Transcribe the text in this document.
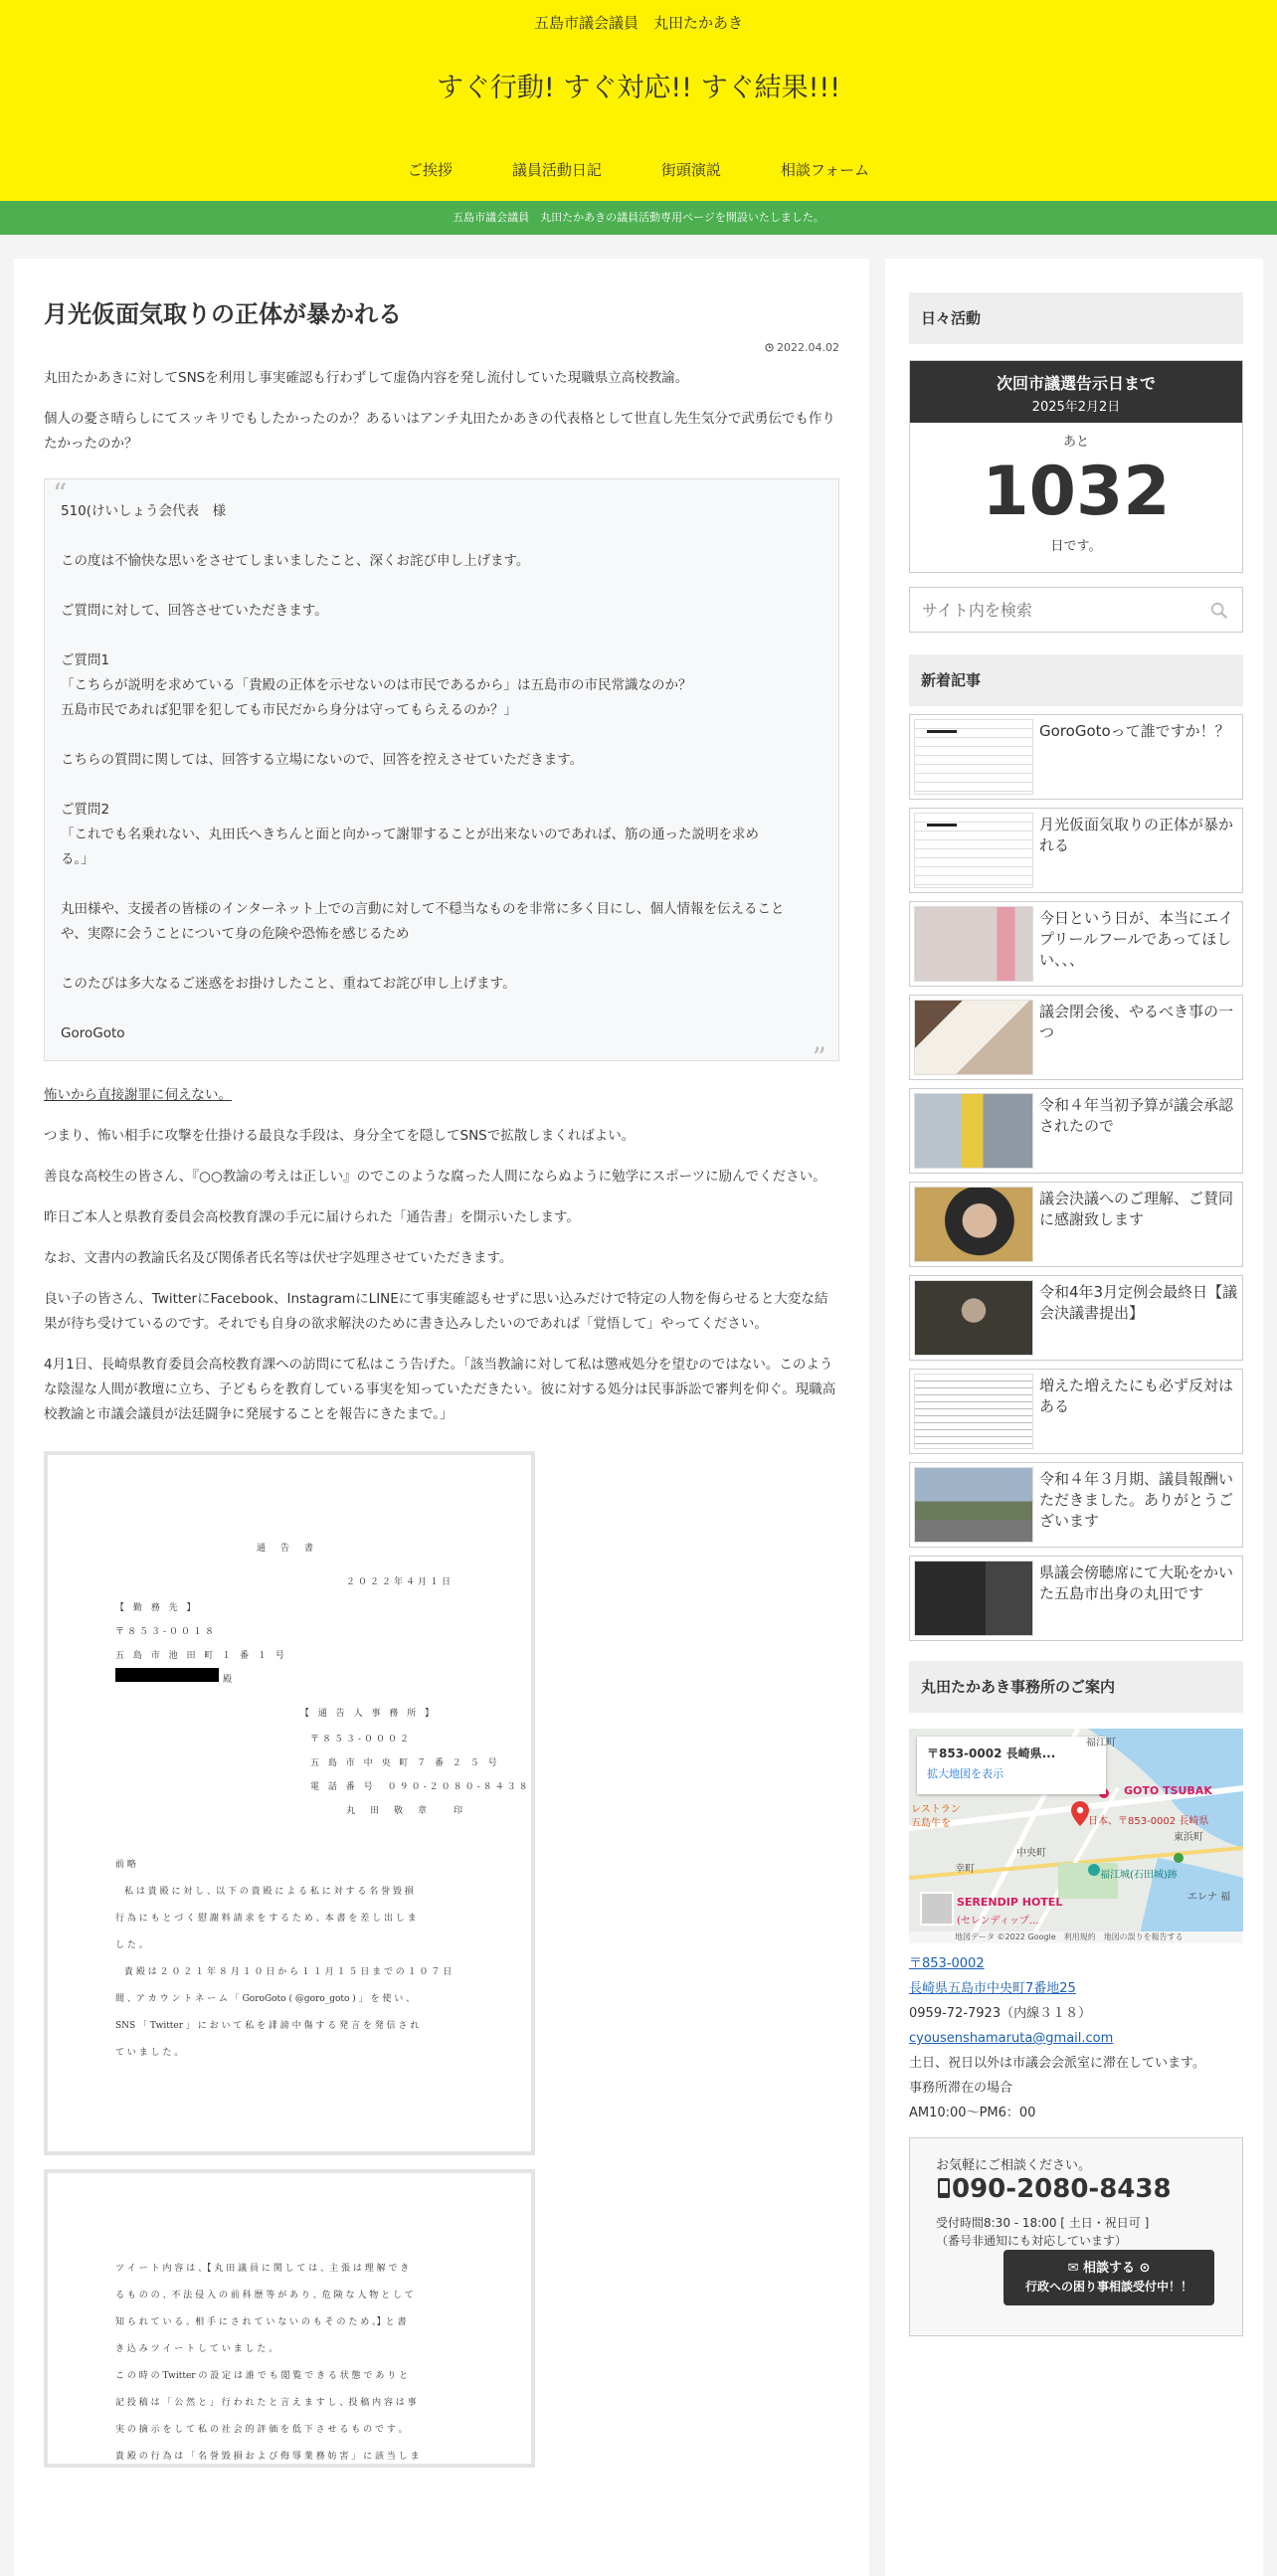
五島市議会議員　丸田たかあき
すぐ行動! すぐ対応!! すぐ結果!!!
ご挨拶	議員活動日記	街頭演説	相談フォーム
五島市議会議員　丸田たかあきの議員活動専用ページを開設いたしました。
月光仮面気取りの正体が暴かれる
2022.04.02

丸田たかあきに対してSNSを利用し事実確認も行わずして虚偽内容を発し流付していた現職県立高校教諭。

個人の憂さ晴らしにてスッキリでもしたかったのか？あるいはアンチ丸田たかあきの代表格として世直し先生気分で武勇伝でも作りたかったのか？

“
”
510(けいしょう会代表　様
この度は不愉快な思いをさせてしまいましたこと、深くお詫び申し上げます。
ご質問に対して、回答させていただきます。
ご質問1
「こちらが説明を求めている「貴殿の正体を示せないのは市民であるから」は五島市の市民常識なのか？
五島市民であれば犯罪を犯しても市民だから身分は守ってもらえるのか？」
こちらの質問に関しては、回答する立場にないので、回答を控えさせていただきます。
ご質問2
「これでも名乗れない、丸田氏へきちんと面と向かって謝罪することが出来ないのであれば、筋の通った説明を求め
る。」
丸田様や、支援者の皆様のインターネット上での言動に対して不穏当なものを非常に多く目にし、個人情報を伝えること
や、実際に会うことについて身の危険や恐怖を感じるため
このたびは多大なるご迷惑をお掛けしたこと、重ねてお詫び申し上げます。
GoroGoto

怖いから直接謝罪に伺えない。

つまり、怖い相手に攻撃を仕掛ける最良な手段は、身分全てを隠してSNSで拡散しまくればよい。

善良な高校生の皆さん、『○○教諭の考えは正しい』のでこのような腐った人間にならぬように勉学にスポーツに励んでください。

昨日ご本人と県教育委員会高校教育課の手元に届けられた「通告書」を開示いたします。

なお、文書内の教諭氏名及び関係者氏名等は伏せ字処理させていただきます。

良い子の皆さん、TwitterにFacebook、InstagramにLINEにて事実確認もせずに思い込みだけで特定の人物を侮らせると大変な結果が待ち受けているのです。それでも自身の欲求解決のために書き込みしたいのであれば「覚悟して」やってください。

4月1日、長崎県教育委員会高校教育課への訪問にて私はこう告げた。「該当教諭に対して私は懲戒処分を望むのではない。このような陰湿な人間が教壇に立ち、子どもらを教育している事実を知っていただきたい。彼に対する処分は民事訴訟で審判を仰ぐ。現職高校教諭と市議会議員が法廷闘争に発展することを報告にきたまで。」

通　告　書
２０２２年４月１日
【 勤 務 先 】
〒８５３-００１８
五 島 市 池 田 町 １ 番 １ 号
殿
【 通 告 人 事 務 所 】
〒８５３-０００２
五 島 市 中 央 町 ７ 番 ２ ５ 号
電 話 番 号　０９０-２０８０-８４３８
丸　田　敬　章　　印
前 略
　私 は 貴 殿 に 対 し 、以 下 の 貴 殿 に よ る 私 に 対 す る 名 誉 毀 損
行 為 に も と づ く 慰 謝 料 請 求 を す る た め 、本 書 を 差 し 出 し ま
し た 。
　貴 殿 は ２ ０ ２ １ 年 ８ 月 １ ０ 日 か ら １ １ 月 １ ５ 日 ま で の １ ０ ７ 日
間 、ア カ ウ ン ト ネ ー ム 「 GoroGoto ( @goro_goto ) 」 を 使 い 、
SNS 「 Twitter 」 に お い て 私 を 誹 謗 中 傷 す る 発 言 を 発 信 さ れ
て い ま し た 。
ツ イ ー ト 内 容 は 、【 丸 田 議 員 に 関 し て は 、主 張 は 理 解 で き
る も の の 、不 法 侵 入 の 前 科 歴 等 が あ り 、危 険 な 人 物 と し て
知 ら れ て い る 。相 手 に さ れ て い な い の も そ の た め 。】と 書
き 込 み ツ イ ー ト し て い ま し た 。
こ の 時 の Twitter の 設 定 は 誰 で も 閲 覧 で き る 状 態 で あ り と
記 投 稿 は 「 公 然 と 」 行 わ れ た と 言 え ま す し 、投 稿 内 容 は 事
実 の 摘 示 を し て 私 の 社 会 的 評 価 を 低 下 さ せ る も の で す 。
貴 殿 の 行 為 は 「 名 誉 毀 損 お よ び 侮 辱 業 務 妨 害 」 に 該 当 し ま
日々活動
次回市議選告示日まで
2025年2月2日
あと
1032
日です。
サイト内を検索
新着記事
GoroGotoって誰ですか！？
月光仮面気取りの正体が暴かれる
今日という日が、本当にエイプリールフールであってほしい、、、
議会閉会後、やるべき事の一つ
令和４年当初予算が議会承認されたので
議会決議へのご理解、ご賛同に感謝致します
令和4年3月定例会最終日【議会決議書提出】
増えた増えたにも必ず反対はある
令和４年３月期、議員報酬いただきました。ありがとうございます
県議会傍聴席にて大恥をかいた五島市出身の丸田です
丸田たかあき事務所のご案内
〒853-0002 長崎県...
拡大地図を表示
福江町
GOTO TSUBAK
レストラン
五島牛を	日本、〒853-0002 長崎県
東浜町
中央町
幸町
福江城(石田城)跡
SERENDIP HOTEL
(セレンディップ...
エレナ 福
地図データ ©2022 Google　利用規約　地図の誤りを報告する
〒853-0002
長崎県五島市中央町7番地25
0959-72-7923（内線３１８）
cyousenshamaruta@gmail.com
土日、祝日以外は市議会会派室に滞在しています。
事務所滞在の場合
AM10:00～PM6：00
お気軽にご相談ください。
090-2080-8438
受付時間8:30 - 18:00 [ 土日・祝日可 ]
（番号非通知にも対応しています）
✉ 相談する ⊙
行政への困り事相談受付中！！
